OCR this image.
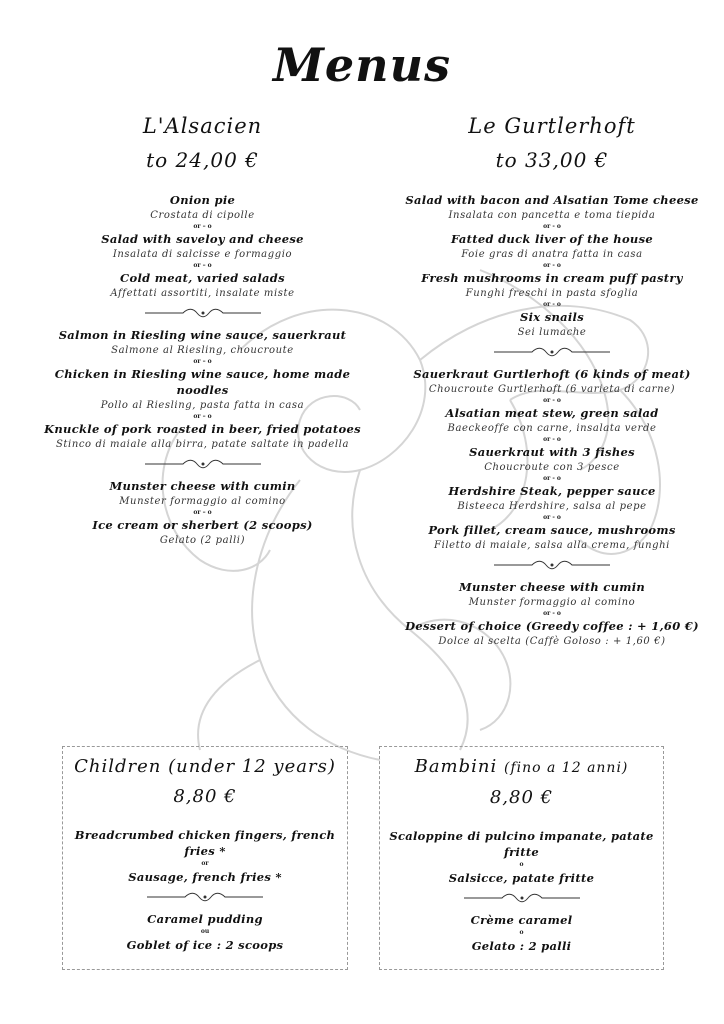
Menus
L'Alsacien
to 24,00 €
Onion pie
Crostata di cipolle
or – o
Salad with saveloy and cheese
Insalata di salcisse e formaggio
or – o
Cold meat, varied salads
Affettati assortiti, insalate miste
Salmon in Riesling wine sauce, sauerkraut
Salmone al Riesling, choucroute
or – o
Chicken in Riesling wine sauce, home made noodles
Pollo al Riesling, pasta fatta in casa
or – o
Knuckle of pork roasted in beer, fried potatoes
Stinco di maiale alla birra, patate saltate in padella
Munster cheese with cumin
Munster formaggio al comino
or – o
Ice cream or sherbert (2 scoops)
Gelato (2 palli)
Le Gurtlerhoft
to 33,00 €
Salad with bacon and Alsatian Tome cheese
Insalata con pancetta e toma tiepida
or - o
Fatted duck liver of the house
Foie gras di anatra fatta in casa
or - o
Fresh mushrooms in cream puff pastry
Funghi freschi in pasta sfoglia
or - o
Six snails
Sei lumache
Sauerkraut Gurtlerhoft (6 kinds of meat)
Choucroute Gurtlerhoft (6 varieta di carne)
or - o
Alsatian meat stew, green salad
Baeckeoffe con carne, insalata verde
or - o
Sauerkraut with 3 fishes
Choucroute con 3 pesce
or - o
Herdshire Steak, pepper sauce
Bisteeca Herdshire, salsa al pepe
or - o
Pork fillet, cream sauce, mushrooms
Filetto di maiale, salsa alla crema, funghi
Munster cheese with cumin
Munster formaggio al comino
or - o
Dessert of choice (Greedy coffee : + 1,60 €)
Dolce al scelta (Caffè Goloso : + 1,60 €)
Children (under 12 years)
8,80 €
Breadcrumbed chicken fingers, french fries *
or
Sausage, french fries *
Caramel pudding
ou
Goblet of ice : 2 scoops
Bambini (fino a 12 anni)
8,80 €
Scaloppine di pulcino impanate, patate fritte
o
Salsicce, patate fritte
Crème caramel
o
Gelato : 2 palli
